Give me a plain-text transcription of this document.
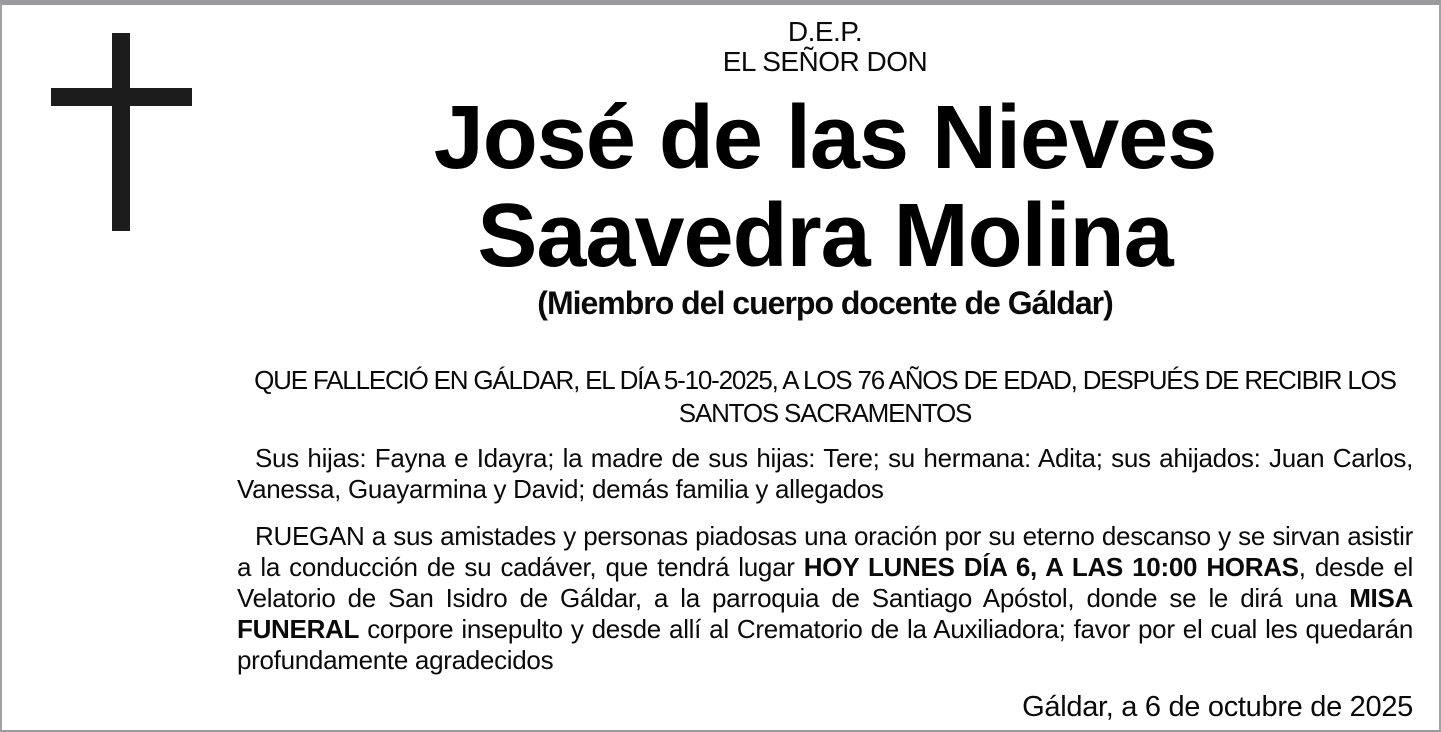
D.E.P.
EL SEÑOR DON
José de las Nieves
Saavedra Molina
(Miembro del cuerpo docente de Gáldar)
QUE FALLECIÓ EN GÁLDAR, EL DÍA 5-10-2025, A LOS 76 AÑOS DE EDAD, DESPUÉS DE RECIBIR LOS SANTOS SACRAMENTOS

Sus hijas: Fayna e Idayra; la madre de sus hijas: Tere; su hermana: Adita; sus ahijados: Juan Carlos, Vanessa, Guayarmina y David; demás familia y allegados

RUEGAN a sus amistades y personas piadosas una oración por su eterno descanso y se sirvan asistir a la conducción de su cadáver, que tendrá lugar HOY LUNES DÍA 6, A LAS 10:00 HORAS, desde el Velatorio de San Isidro de Gáldar, a la parroquia de Santiago Apóstol, donde se le dirá una MISA FUNERAL corpore insepulto y desde allí al Crematorio de la Auxiliadora; favor por el cual les quedarán profundamente agradecidos

Gáldar, a 6 de octubre de 2025
